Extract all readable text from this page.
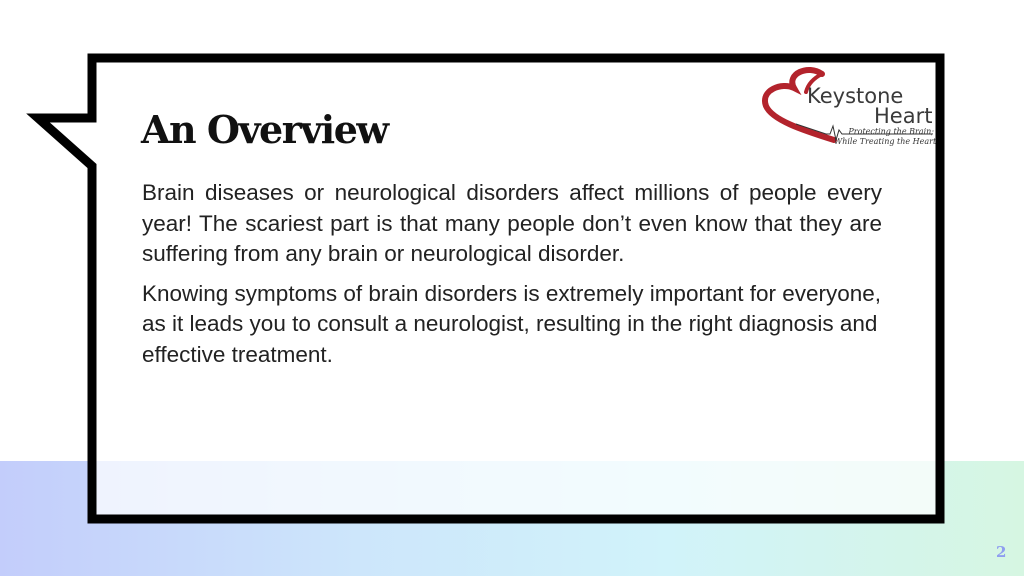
An Overview

Brain diseases or neurological disorders affect millions of people every year! The scariest part is that many people don’t even know that they are suffering from any brain or neurological disorder.

Knowing symptoms of brain disorders is extremely important for everyone, as it leads you to consult a neurologist, resulting in the right diagnosis and effective treatment.

Keystone
Heart
Protecting the Brain;
While Treating the Heart
2
